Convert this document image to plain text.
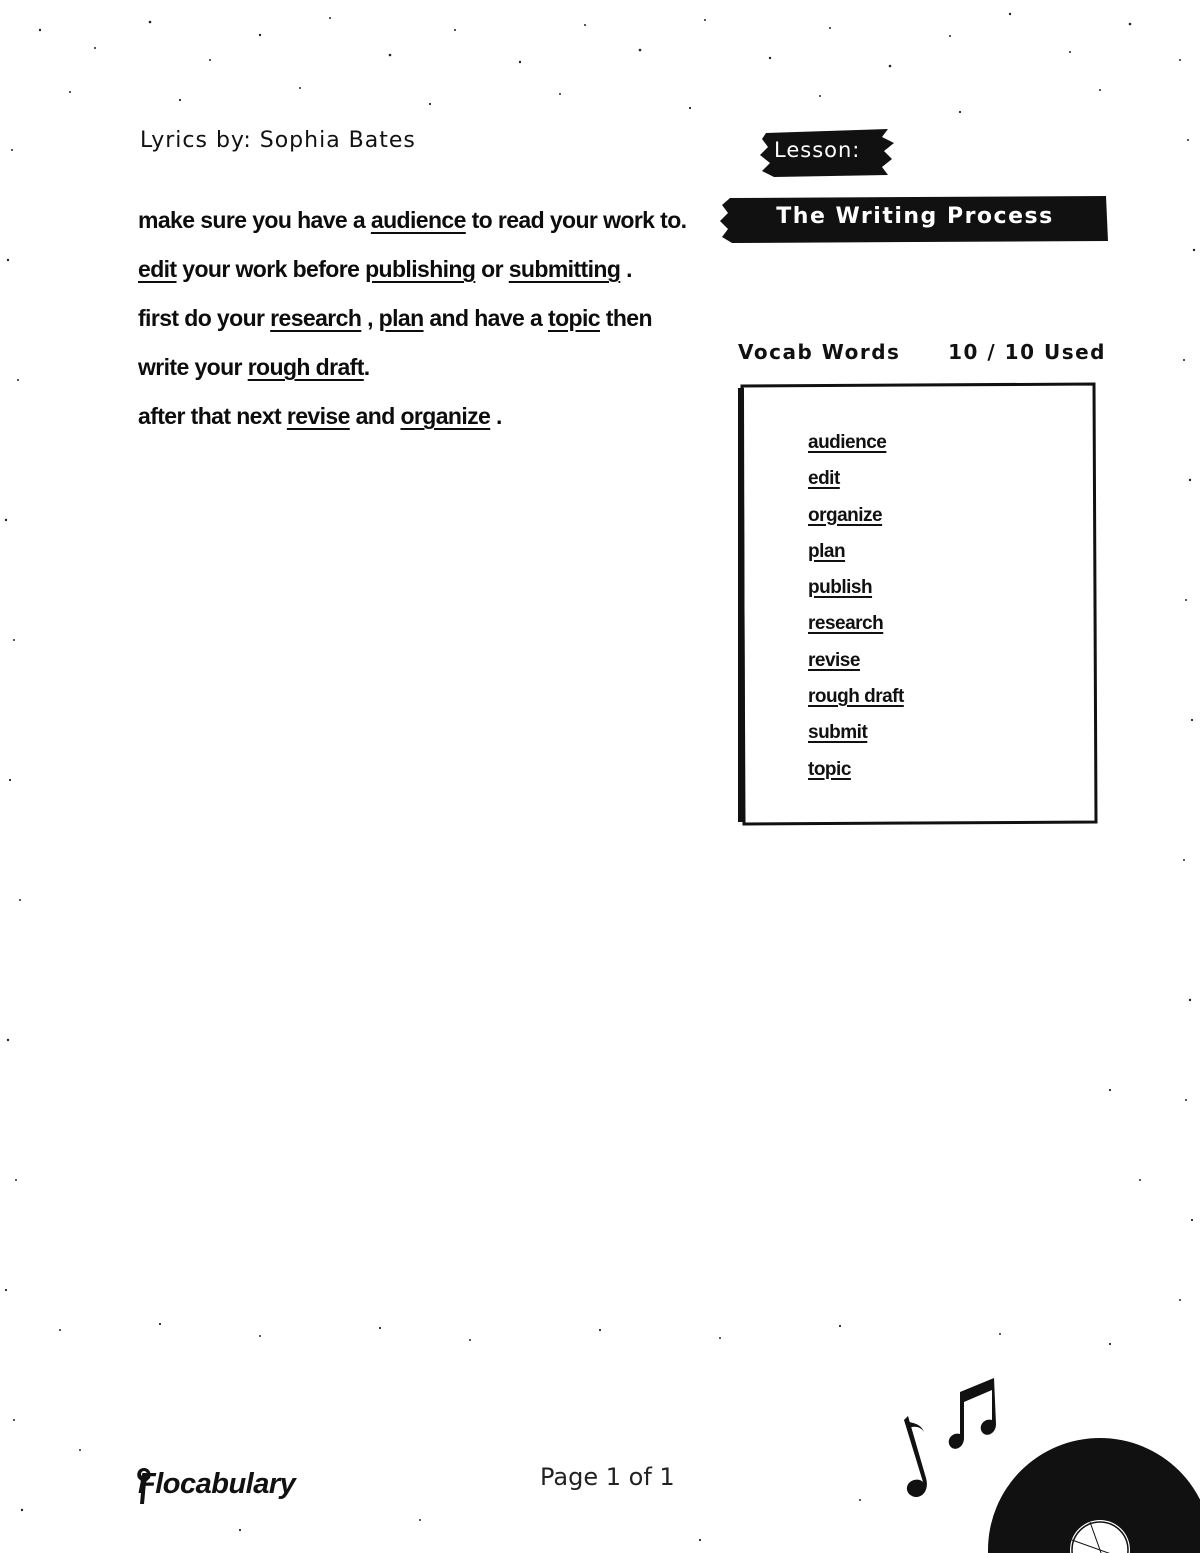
Lyrics by: Sophia Bates
make sure you have a audience to read your work to.
edit your work before publishing or submitting .
first do your research , plan and have a topic then write your rough draft.
after that next revise and organize .
Lesson:
The Writing Process
Vocab Words 10 / 10 Used
audience
edit
organize
plan
publish
research
revise
rough draft
submit
topic
Flocabulary	Page 1 of 1
